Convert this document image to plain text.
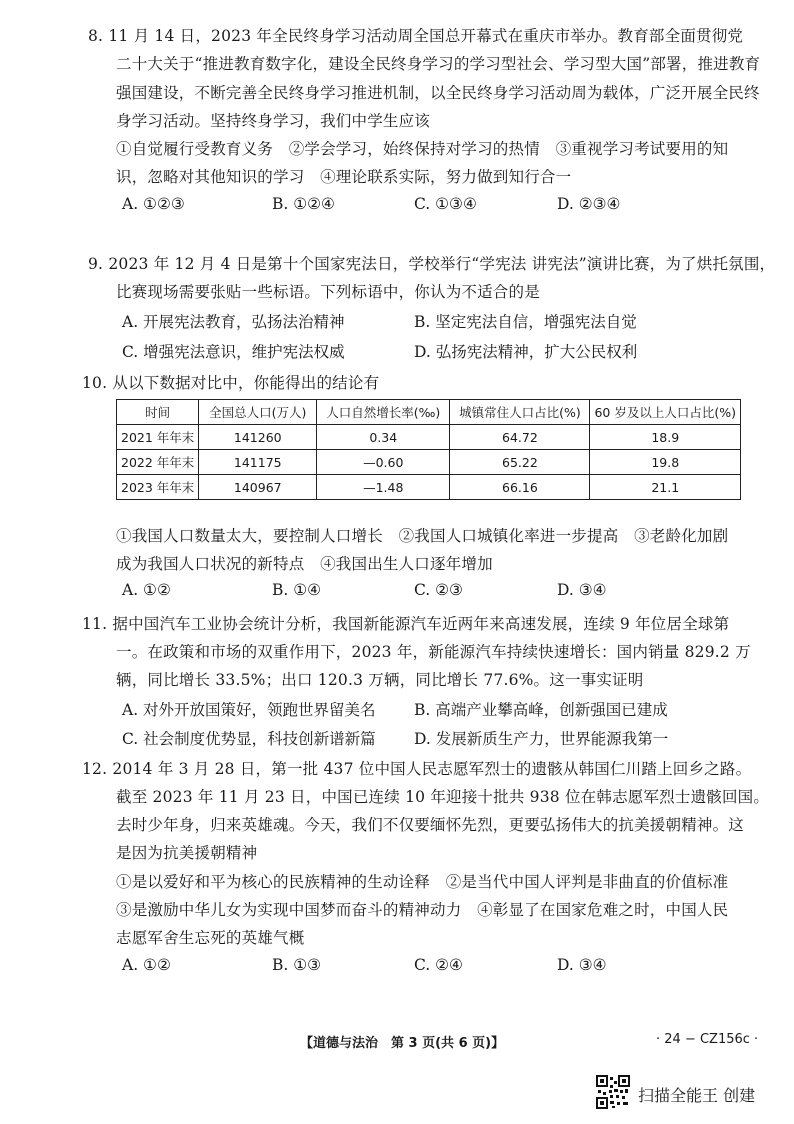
8. 11 月 14 日，2023 年全民终身学习活动周全国总开幕式在重庆市举办。教育部全面贯彻党
二十大关于“推进教育数字化，建设全民终身学习的学习型社会、学习型大国”部署，推进教育
强国建设，不断完善全民终身学习推进机制，以全民终身学习活动周为载体，广泛开展全民终
身学习活动。坚持终身学习，我们中学生应该
①自觉履行受教育义务　②学会学习，始终保持对学习的热情　③重视学习考试要用的知
识，忽略对其他知识的学习　④理论联系实际，努力做到知行合一
A. ①②③	B. ①②④	C. ①③④	D. ②③④
9. 2023 年 12 月 4 日是第十个国家宪法日，学校举行“学宪法 讲宪法”演讲比赛，为了烘托氛围，
比赛现场需要张贴一些标语。下列标语中，你认为不适合的是
A. 开展宪法教育，弘扬法治精神	B. 坚定宪法自信，增强宪法自觉
C. 增强宪法意识，维护宪法权威	D. 弘扬宪法精神，扩大公民权利
10. 从以下数据对比中，你能得出的结论有
时间	全国总人口(万人)	人口自然增长率(‰)	城镇常住人口占比(%)	60 岁及以上人口占比(%)
2021 年年末	141260	0.34	64.72	18.9
2022 年年末	141175	—0.60	65.22	19.8
2023 年年末	140967	—1.48	66.16	21.1
①我国人口数量太大，要控制人口增长　②我国人口城镇化率进一步提高　③老龄化加剧
成为我国人口状况的新特点　④我国出生人口逐年增加
A. ①②	B. ①④	C. ②③	D. ③④
11. 据中国汽车工业协会统计分析，我国新能源汽车近两年来高速发展，连续 9 年位居全球第
一。在政策和市场的双重作用下，2023 年，新能源汽车持续快速增长：国内销量 829.2 万
辆，同比增长 33.5%；出口 120.3 万辆，同比增长 77.6%。这一事实证明
A. 对外开放国策好，领跑世界留美名 B. 高端产业攀高峰，创新强国已建成
C. 社会制度优势显，科技创新谱新篇 D. 发展新质生产力，世界能源我第一
12. 2014 年 3 月 28 日，第一批 437 位中国人民志愿军烈士的遗骸从韩国仁川踏上回乡之路。
截至 2023 年 11 月 23 日，中国已连续 10 年迎接十批共 938 位在韩志愿军烈士遗骸回国。
去时少年身，归来英雄魂。今天，我们不仅要缅怀先烈，更要弘扬伟大的抗美援朝精神。这
是因为抗美援朝精神
①是以爱好和平为核心的民族精神的生动诠释　②是当代中国人评判是非曲直的价值标准
③是激励中华儿女为实现中国梦而奋斗的精神动力　④彰显了在国家危难之时，中国人民
志愿军舍生忘死的英雄气概
A. ①②	B. ①③	C. ②④	D. ③④
【道德与法治　第 3 页(共 6 页)】	· 24 − CZ156c ·
扫描全能王 创建
